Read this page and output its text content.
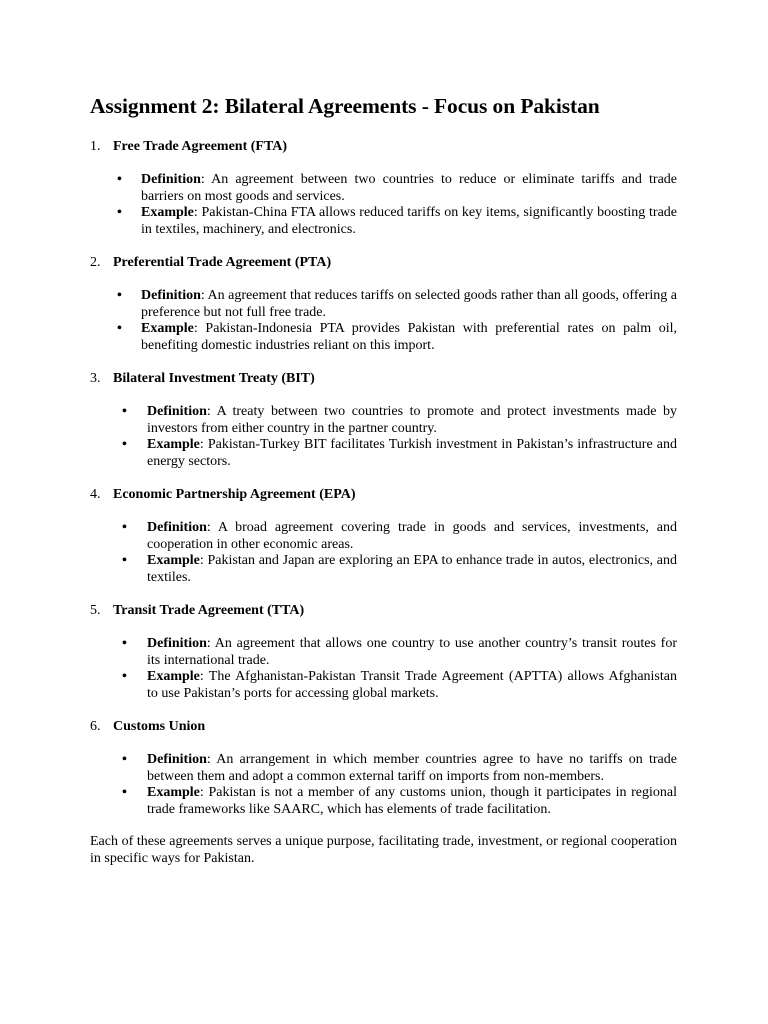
Assignment 2: Bilateral Agreements - Focus on Pakistan
1. Free Trade Agreement (FTA)
• Definition: An agreement between two countries to reduce or eliminate tariffs and trade barriers on most goods and services.
• Example: Pakistan-China FTA allows reduced tariffs on key items, significantly boosting trade in textiles, machinery, and electronics.
2. Preferential Trade Agreement (PTA)
• Definition: An agreement that reduces tariffs on selected goods rather than all goods, offering a preference but not full free trade.
• Example: Pakistan-Indonesia PTA provides Pakistan with preferential rates on palm oil, benefiting domestic industries reliant on this import.
3. Bilateral Investment Treaty (BIT)
• Definition: A treaty between two countries to promote and protect investments made by investors from either country in the partner country.
• Example: Pakistan-Turkey BIT facilitates Turkish investment in Pakistan’s infrastructure and energy sectors.
4. Economic Partnership Agreement (EPA)
• Definition: A broad agreement covering trade in goods and services, investments, and cooperation in other economic areas.
• Example: Pakistan and Japan are exploring an EPA to enhance trade in autos, electronics, and textiles.
5. Transit Trade Agreement (TTA)
• Definition: An agreement that allows one country to use another country’s transit routes for its international trade.
• Example: The Afghanistan-Pakistan Transit Trade Agreement (APTTA) allows Afghanistan to use Pakistan’s ports for accessing global markets.
6. Customs Union
• Definition: An arrangement in which member countries agree to have no tariffs on trade between them and adopt a common external tariff on imports from non-members.
• Example: Pakistan is not a member of any customs union, though it participates in regional trade frameworks like SAARC, which has elements of trade facilitation.

Each of these agreements serves a unique purpose, facilitating trade, investment, or regional cooperation in specific ways for Pakistan.
